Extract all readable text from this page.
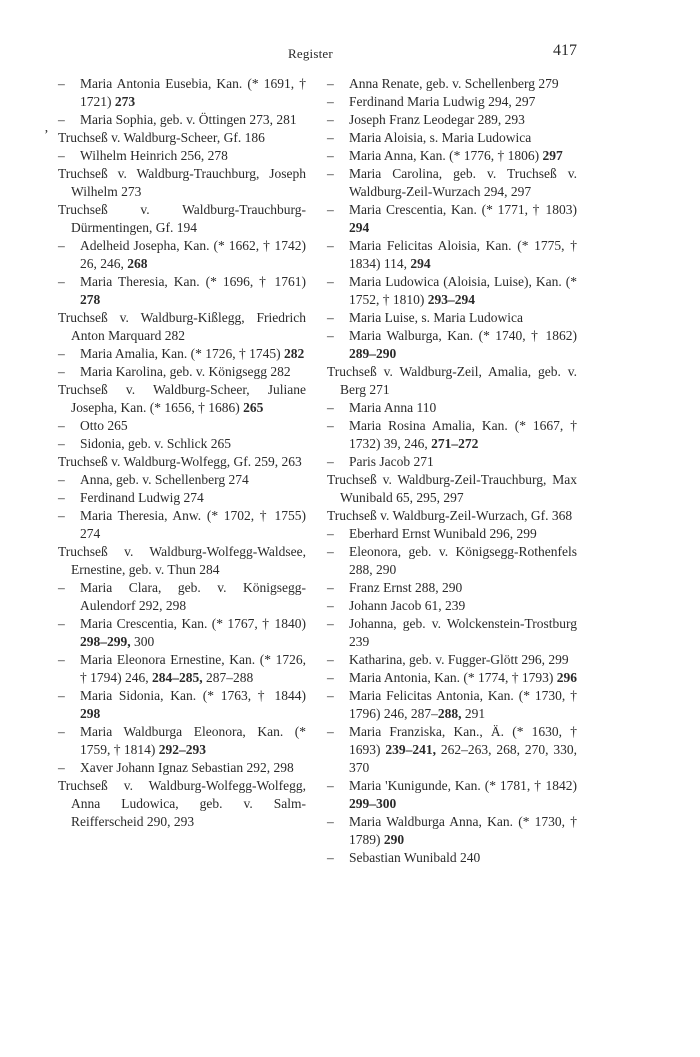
Register	417
’
– Maria Antonia Eusebia, Kan. (* 1691, † 1721) 273
– Maria Sophia, geb. v. Öttingen 273, 281
Truchseß v. Waldburg-Scheer, Gf. 186
– Wilhelm Heinrich 256, 278
Truchseß v. Waldburg-Trauchburg, Joseph Wilhelm 273
Truchseß v. Waldburg-Trauchburg-Dürmentingen, Gf. 194
– Adelheid Josepha, Kan. (* 1662, † 1742) 26, 246, 268
– Maria Theresia, Kan. (* 1696, † 1761) 278
Truchseß v. Waldburg-Kißlegg, Friedrich Anton Marquard 282
– Maria Amalia, Kan. (* 1726, † 1745) 282
– Maria Karolina, geb. v. Königsegg 282
Truchseß v. Waldburg-Scheer, Juliane Josepha, Kan. (* 1656, † 1686) 265
– Otto 265
– Sidonia, geb. v. Schlick 265
Truchseß v. Waldburg-Wolfegg, Gf. 259, 263
– Anna, geb. v. Schellenberg 274
– Ferdinand Ludwig 274
– Maria Theresia, Anw. (* 1702, † 1755) 274
Truchseß v. Waldburg-Wolfegg-Waldsee, Ernestine, geb. v. Thun 284
– Maria Clara, geb. v. Königsegg-Aulendorf 292, 298
– Maria Crescentia, Kan. (* 1767, † 1840) 298–299, 300
– Maria Eleonora Ernestine, Kan. (* 1726, † 1794) 246, 284–285, 287–288
– Maria Sidonia, Kan. (* 1763, † 1844) 298
– Maria Waldburga Eleonora, Kan. (* 1759, † 1814) 292–293
– Xaver Johann Ignaz Sebastian 292, 298
Truchseß v. Waldburg-Wolfegg-Wolfegg, Anna Ludowica, geb. v. Salm-Reifferscheid 290, 293
– Anna Renate, geb. v. Schellenberg 279
– Ferdinand Maria Ludwig 294, 297
– Joseph Franz Leodegar 289, 293
– Maria Aloisia, s. Maria Ludowica
– Maria Anna, Kan. (* 1776, † 1806) 297
– Maria Carolina, geb. v. Truchseß v. Waldburg-Zeil-Wurzach 294, 297
– Maria Crescentia, Kan. (* 1771, † 1803) 294
– Maria Felicitas Aloisia, Kan. (* 1775, † 1834) 114, 294
– Maria Ludowica (Aloisia, Luise), Kan. (* 1752, † 1810) 293–294
– Maria Luise, s. Maria Ludowica
– Maria Walburga, Kan. (* 1740, † 1862) 289–290
Truchseß v. Waldburg-Zeil, Amalia, geb. v. Berg 271
– Maria Anna 110
– Maria Rosina Amalia, Kan. (* 1667, † 1732) 39, 246, 271–272
– Paris Jacob 271
Truchseß v. Waldburg-Zeil-Trauchburg, Max Wunibald 65, 295, 297
Truchseß v. Waldburg-Zeil-Wurzach, Gf. 368
– Eberhard Ernst Wunibald 296, 299
– Eleonora, geb. v. Königsegg-Rothenfels 288, 290
– Franz Ernst 288, 290
– Johann Jacob 61, 239
– Johanna, geb. v. Wolckenstein-Trostburg 239
– Katharina, geb. v. Fugger-Glött 296, 299
– Maria Antonia, Kan. (* 1774, † 1793) 296
– Maria Felicitas Antonia, Kan. (* 1730, † 1796) 246, 287–288, 291
– Maria Franziska, Kan., Ä. (* 1630, † 1693) 239–241, 262–263, 268, 270, 330, 370
– Maria 'Kunigunde, Kan. (* 1781, † 1842) 299–300
– Maria Waldburga Anna, Kan. (* 1730, † 1789) 290
– Sebastian Wunibald 240
